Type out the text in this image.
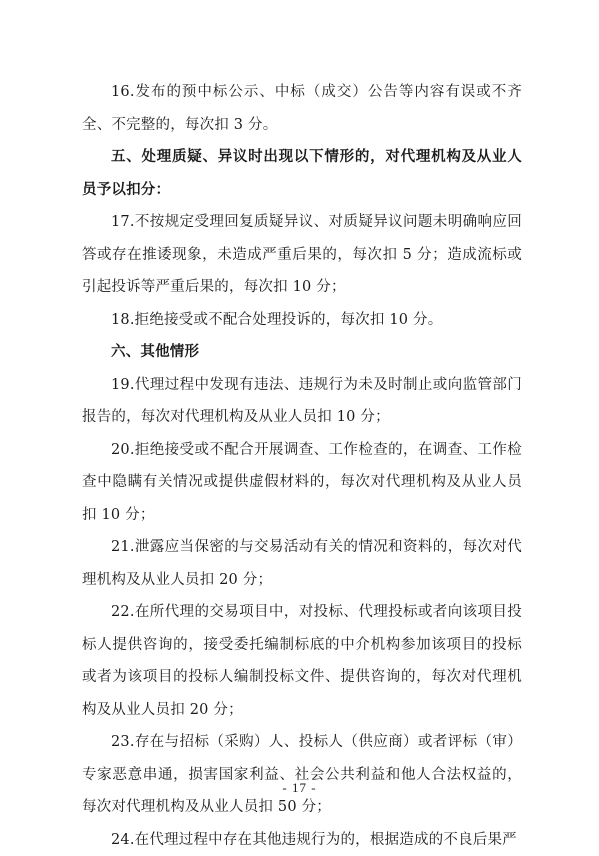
16.发布的预中标公示、中标（成交）公告等内容有误或不齐全、不完整的，每次扣 3 分。

五、处理质疑、异议时出现以下情形的，对代理机构及从业人员予以扣分：

17.不按规定受理回复质疑异议、对质疑异议问题未明确响应回答或存在推诿现象，未造成严重后果的，每次扣 5 分；造成流标或引起投诉等严重后果的，每次扣 10 分；

18.拒绝接受或不配合处理投诉的，每次扣 10 分。

六、其他情形

19.代理过程中发现有违法、违规行为未及时制止或向监管部门报告的，每次对代理机构及从业人员扣 10 分；

20.拒绝接受或不配合开展调查、工作检查的，在调查、工作检查中隐瞒有关情况或提供虚假材料的，每次对代理机构及从业人员扣 10 分；

21.泄露应当保密的与交易活动有关的情况和资料的，每次对代理机构及从业人员扣 20 分；

22.在所代理的交易项目中，对投标、代理投标或者向该项目投标人提供咨询的，接受委托编制标底的中介机构参加该项目的投标或者为该项目的投标人编制投标文件、提供咨询的，每次对代理机构及从业人员扣 20 分；

23.存在与招标（采购）人、投标人（供应商）或者评标（审）专家恶意串通，损害国家利益、社会公共利益和他人合法权益的，每次对代理机构及从业人员扣 50 分；

24.在代理过程中存在其他违规行为的，根据造成的不良后果严

- 17 -
